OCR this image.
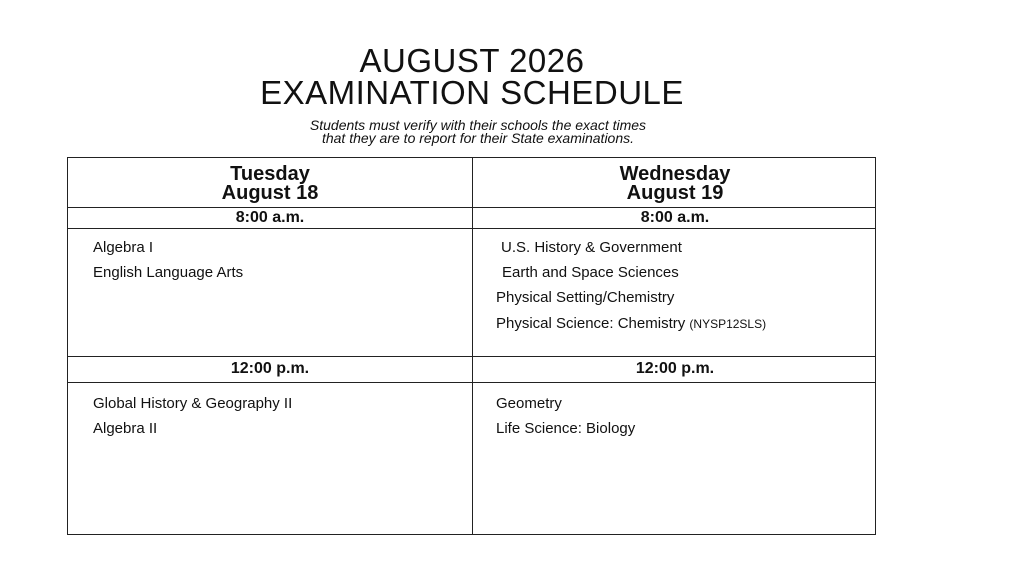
AUGUST 2026
EXAMINATION SCHEDULE

Students must verify with their schools the exact times

that they are to report for their State examinations.

Tuesday
August 18
8:00 a.m.
Algebra I
English Language Arts
12:00 p.m.
Global History & Geography II
Algebra II
Wednesday
August 19
8:00 a.m.
U.S. History & Government
Earth and Space Sciences
Physical Setting/Chemistry
Physical Science: Chemistry (NYSP12SLS)
12:00 p.m.
Geometry
Life Science: Biology
